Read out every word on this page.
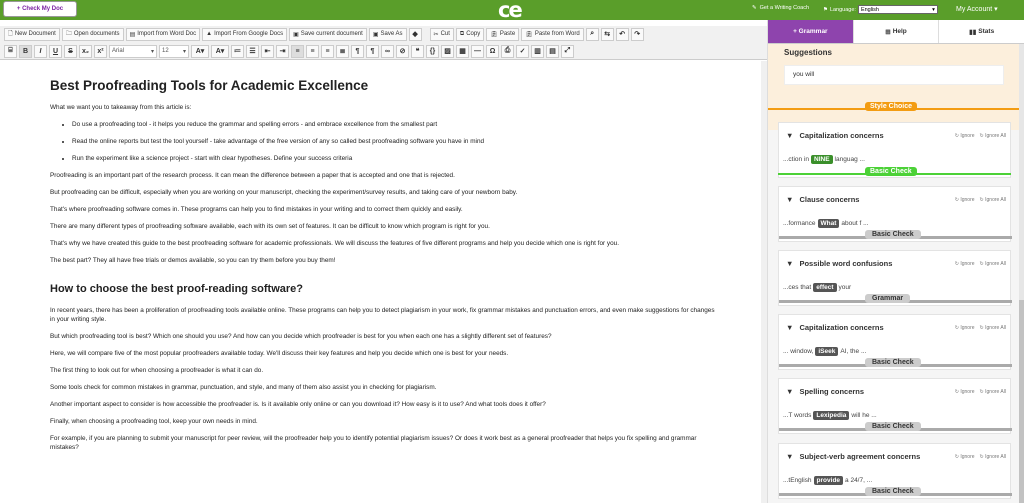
+ Check My Doc	ce	✎ Get a Writing Coach	⚑ Language: English	▾	My Account ▾
🗋 New Document 🗀 Open documents ▤ Import from Word Doc ▲ Import From Google Docs ▣ Save current document ▣ Save As	◆	✂ Cut ⧉ Copy 📋︎ Paste 📋︎ Paste from Word	⌕	⇆	↶	↷
⌸	B	I U S	x₂	x²	Arial	▾ 12 ▾	A▾	A▾	≔	☰	⇤	⇥	≡	≡	≡	≣	¶	¶	∞	⊘	❝	{}	▨	▦	―	Ω	⎙	✓	▥	▤	⤢
Best Proofreading Tools for Academic Excellence

What we want you to takeaway from this article is:

• Do use a proofreading tool - it helps you reduce the grammar and spelling errors - and embrace excellence from the smallest part
• Read the online reports but test the tool yourself - take advantage of the free version of any so called best proofreading software you have in mind
• Run the experiment like a science project - start with clear hypotheses. Define your success criteria

Proofreading is an important part of the research process. It can mean the difference between a paper that is accepted and one that is rejected.

But proofreading can be difficult, especially when you are working on your manuscript, checking the experiment/survey results, and taking care of your newborn baby.

That's where proofreading software comes in. These programs can help you to find mistakes in your writing and to correct them quickly and easily.

There are many different types of proofreading software available, each with its own set of features. It can be difficult to know which program is right for you.

That's why we have created this guide to the best proofreading software for academic professionals. We will discuss the features of five different programs and help you decide which one is right for you.

The best part? They all have free trials or demos available, so you can try them before you buy them!

How to choose the best proof-reading software?

In recent years, there has been a proliferation of proofreading tools available online. These programs can help you to detect plagiarism in your work, fix grammar mistakes and punctuation errors, and even make suggestions for changes in your writing style.

But which proofreading tool is best? Which one should you use? And how can you decide which proofreader is best for you when each one has a slightly different set of features?

Here, we will compare five of the most popular proofreaders available today. We'll discuss their key features and help you decide which one is best for your needs.

The first thing to look out for when choosing a proofreader is what it can do.

Some tools check for common mistakes in grammar, punctuation, and style, and many of them also assist you in checking for plagiarism.

Another important aspect to consider is how accessible the proofreader is. Is it available only online or can you download it? How easy is it to use? And what tools does it offer?

Finally, when choosing a proofreading tool, keep your own needs in mind.

For example, if you are planning to submit your manuscript for peer review, will the proofreader help you to identify potential plagiarism issues? Or does it work best as a general proofreader that helps you fix spelling and grammar mistakes?

+ Grammar	⊞ Help	▮▮ Stats
Suggestions
you will
Style Choice
▼ Capitalization concerns	↻ Ignore ↻ Ignore All
...ction in NINE languag ...
▼ Clause concerns	↻ Ignore ↻ Ignore All
...formance What about f ...
Basic Check
▼ Possible word confusions	↻ Ignore ↻ Ignore All
...ces that effect your
Grammar
▼ Capitalization concerns	↻ Ignore ↻ Ignore All
... window, iSeek AI, the ...
Basic Check
▼ Spelling concerns	↻ Ignore ↻ Ignore All
...T words Lexipedia will he ...
Basic Check
▼ Subject-verb agreement concerns	↻ Ignore ↻ Ignore All
...tEnglish provide a 24/7, ...
Basic Check
Basic Check
